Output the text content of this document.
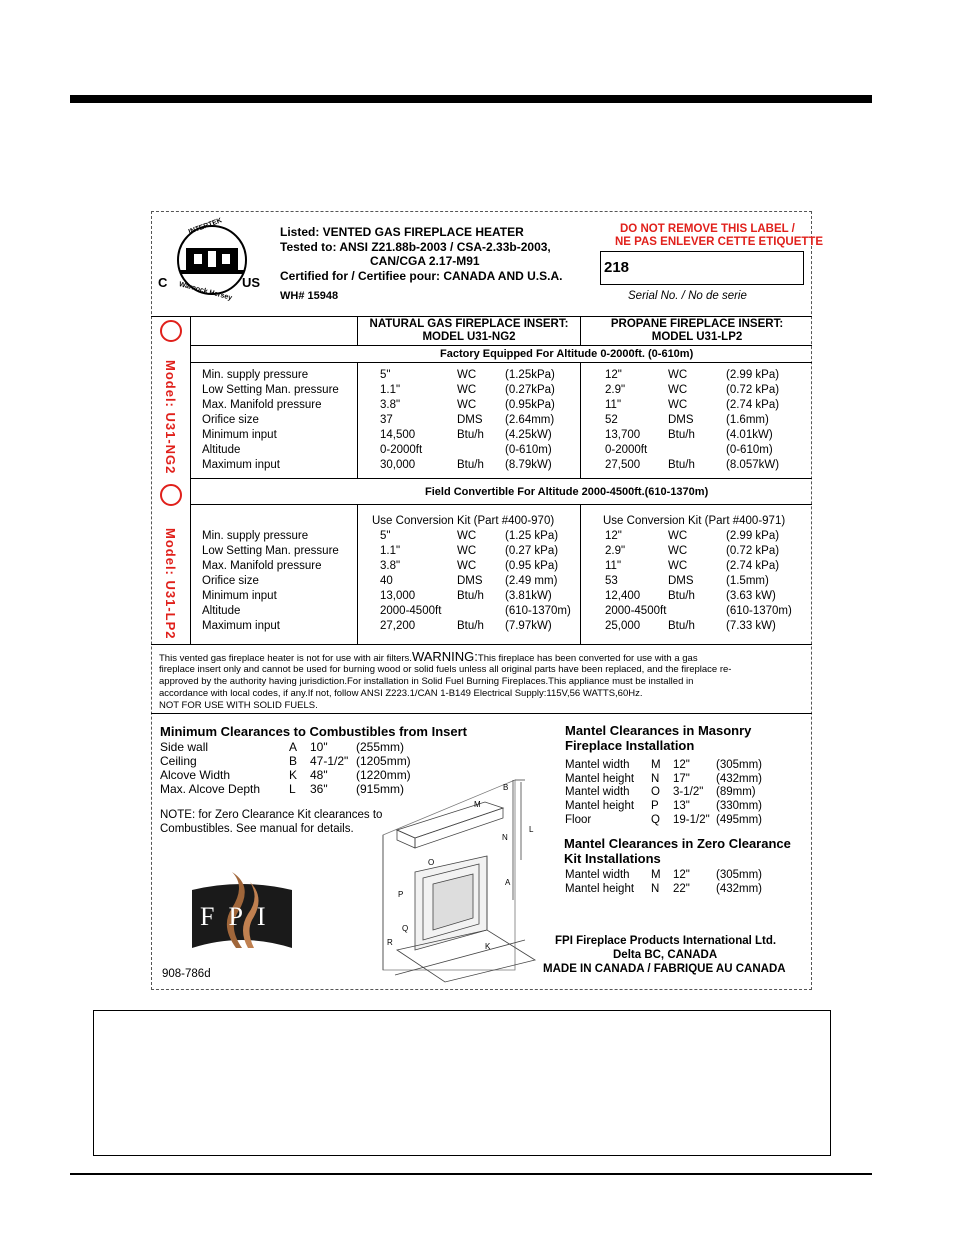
INTERTEK
Warnock Hersey
C	US
Listed: VENTED GAS FIREPLACE HEATER
Tested to: ANSI Z21.88b-2003 / CSA-2.33b-2003,
CAN/CGA 2.17-M91
Certified for / Certifiee pour: CANADA AND U.S.A.
WH# 15948
DO NOT REMOVE THIS LABEL /
NE PAS ENLEVER CETTE ETIQUETTE
218
Serial No. / No de serie
Model: U31-NG2
Model: U31-LP2
NATURAL GAS FIREPLACE INSERT:
MODEL U31-NG2
PROPANE FIREPLACE INSERT:
MODEL U31-LP2
Factory Equipped For Altitude 0-2000ft. (0-610m)
Field Convertible For Altitude 2000-4500ft.(610-1370m)
Use Conversion Kit (Part #400-970)	Use Conversion Kit (Part #400-971)
Min. supply pressure	5"	WC	(1.25kPa)	12"	WC	(2.99 kPa)
Low Setting Man. pressure	1.1"	WC	(0.27kPa)	2.9"	WC	(0.72 kPa)
Max. Manifold pressure	3.8"	WC	(0.95kPa)	11"	WC	(2.74 kPa)
Orifice size	37	DMS (2.64mm)	52	DMS	(1.6mm)
Minimum input	14,500	Btu/h (4.25kW)	13,700 Btu/h	(4.01kW)
Altitude	0-2000ft	(0-610m)	0-2000ft	(0-610m)
Maximum input	30,000	Btu/h (8.79kW)	27,500 Btu/h	(8.057kW)
Min. supply pressure	5"	WC	(1.25 kPa)	12"	WC	(2.99 kPa)
Low Setting Man. pressure	1.1"	WC	(0.27 kPa)	2.9"	WC	(0.72 kPa)
Max. Manifold pressure	3.8"	WC	(0.95 kPa)	11"	WC	(2.74 kPa)
Orifice size	40	DMS (2.49 mm)	53	DMS	(1.5mm)
Minimum input	13,000	Btu/h (3.81kW)	12,400 Btu/h	(3.63 kW)
Altitude	2000-4500ft	(610-1370m)	2000-4500ft	(610-1370m)
Maximum input	27,200	Btu/h (7.97kW)	25,000 Btu/h	(7.33 kW)
This vented gas fireplace heater is not for use with air filters.WARNING:This fireplace has been converted for use with a gas
fireplace insert only and cannot be used for burning wood or solid fuels unless all original parts have been replaced, and the fireplace re-
approved by the authority having jurisdiction.For installation in Solid Fuel Burning Fireplaces.This appliance must be installed in
accordance with local codes, if any.If not, follow ANSI Z223.1/CAN 1-B149 Electrical Supply:115V,56 WATTS,60Hz.
NOT FOR USE WITH SOLID FUELS.
Minimum Clearances to Combustibles from Insert
Side wall	A 10" (255mm)
Ceiling	B 47-1/2" (1205mm)
Alcove Width	K 48" (1220mm)
Max. Alcove Depth L 36" (915mm)
NOTE: for Zero Clearance Kit clearances to
Combustibles. See manual for details.
FPI
908-786d
M
B
L
N
O
A
P
Q
R	K
Mantel Clearances in Masonry
Fireplace Installation
Mantel width M 12" (305mm)
Mantel height N 17" (432mm)
Mantel width O 3-1/2" (89mm)
Mantel height P 13" (330mm)
Floor	Q 19-1/2" (495mm)
Mantel Clearances in Zero Clearance
Kit Installations
Mantel width M 12" (305mm)
Mantel height N 22" (432mm)
FPI Fireplace Products International Ltd.
Delta BC, CANADA
MADE IN CANADA / FABRIQUE AU CANADA
